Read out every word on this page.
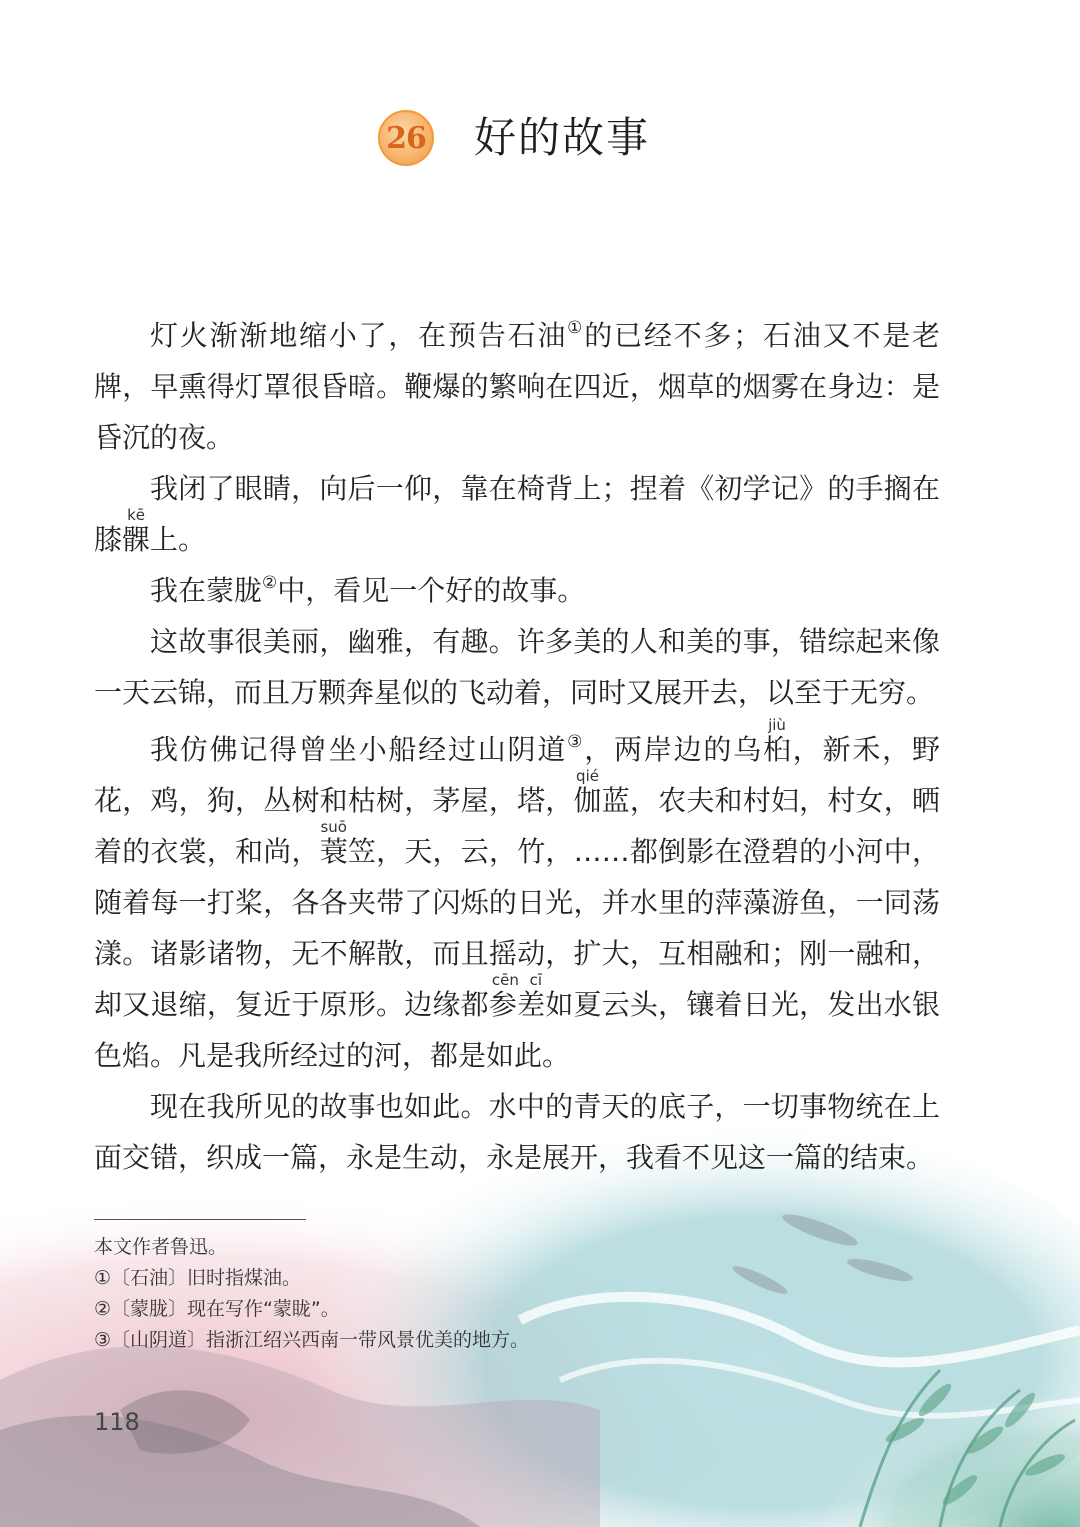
26 好的故事

灯火渐渐地缩小了，在预告石油①的已经不多；石油又不是老牌，早熏得灯罩很昏暗。鞭爆的繁响在四近，烟草的烟雾在身边：是昏沉的夜。

我闭了眼睛，向后一仰，靠在椅背上；捏着《初学记》的手搁在膝髁kē上。

我在蒙胧②中，看见一个好的故事。

这故事很美丽，幽雅，有趣。许多美的人和美的事，错综起来像一天云锦，而且万颗奔星似的飞动着，同时又展开去，以至于无穷。

我仿佛记得曾坐小船经过山阴道③，两岸边的乌桕jiù，新禾，野花，鸡，狗，丛树和枯树，茅屋，塔，伽qié蓝，农夫和村妇，村女，晒着的衣裳，和尚，蓑suō笠，天，云，竹，……都倒影在澄碧的小河中，随着每一打桨，各各夹带了闪烁的日光，并水里的萍藻游鱼，一同荡漾。诸影诸物，无不解散，而且摇动，扩大，互相融和；刚一融和，却又退缩，复近于原形。边缘都参差cēn cī如夏云头，镶着日光，发出水银色焰。凡是我所经过的河，都是如此。

现在我所见的故事也如此。水中的青天的底子，一切事物统在上面交错，织成一篇，永是生动，永是展开，我看不见这一篇的结束。

本文作者鲁迅。
①〔石油〕旧时指煤油。
②〔蒙胧〕现在写作“蒙眬”。
③〔山阴道〕指浙江绍兴西南一带风景优美的地方。
118
